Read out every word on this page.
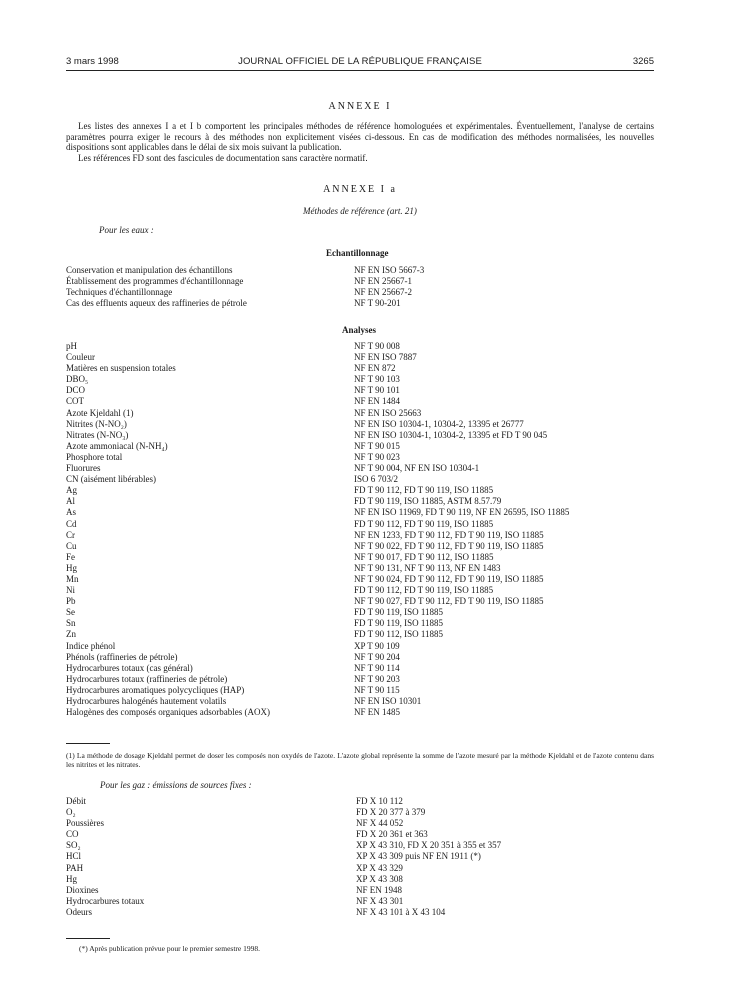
3 mars 1998	JOURNAL OFFICIEL DE LA RÉPUBLIQUE FRANÇAISE	3265
ANNEXE I

Les listes des annexes I a et I b comportent les principales méthodes de référence homologuées et expérimentales. Éventuellement, l'analyse de certains paramètres pourra exiger le recours à des méthodes non explicitement visées ci-dessous. En cas de modification des méthodes normalisées, les nouvelles dispositions sont applicables dans le délai de six mois suivant la publication.

Les références FD sont des fascicules de documentation sans caractère normatif.

ANNEXE I a
Méthodes de référence (art. 21)
Pour les eaux :
Echantillonnage
Conservation et manipulation des échantillons	NF EN ISO 5667-3
Établissement des programmes d'échantillonnage	NF EN 25667-1
Techniques d'échantillonnage	NF EN 25667-2
Cas des effluents aqueux des raffineries de pétrole	NF T 90-201
Analyses
pH	NF T 90 008
Couleur	NF EN ISO 7887
Matières en suspension totales	NF EN 872
DBO₅	NF T 90 103
DCO	NF T 90 101
COT	NF EN 1484
Azote Kjeldahl (1)	NF EN ISO 25663
Nitrites (N-NO₂)	NF EN ISO 10304-1, 10304-2, 13395 et 26777
Nitrates (N-NO₃)	NF EN ISO 10304-1, 10304-2, 13395 et FD T 90 045
Azote ammoniacal (N-NH₄)	NF T 90 015
Phosphore total	NF T 90 023
Fluorures	NF T 90 004, NF EN ISO 10304-1
CN (aisément libérables)	ISO 6 703/2
Ag	FD T 90 112, FD T 90 119, ISO 11885
Al	FD T 90 119, ISO 11885, ASTM 8.57.79
As	NF EN ISO 11969, FD T 90 119, NF EN 26595, ISO 11885
Cd	FD T 90 112, FD T 90 119, ISO 11885
Cr	NF EN 1233, FD T 90 112, FD T 90 119, ISO 11885
Cu	NF T 90 022, FD T 90 112, FD T 90 119, ISO 11885
Fe	NF T 90 017, FD T 90 112, ISO 11885
Hg	NF T 90 131, NF T 90 113, NF EN 1483
Mn	NF T 90 024, FD T 90 112, FD T 90 119, ISO 11885
Ni	FD T 90 112, FD T 90 119, ISO 11885
Pb	NF T 90 027, FD T 90 112, FD T 90 119, ISO 11885
Se	FD T 90 119, ISO 11885
Sn	FD T 90 119, ISO 11885
Zn	FD T 90 112, ISO 11885
Indice phénol	XP T 90 109
Phénols (raffineries de pétrole)	NF T 90 204
Hydrocarbures totaux (cas général)	NF T 90 114
Hydrocarbures totaux (raffineries de pétrole)	NF T 90 203
Hydrocarbures aromatiques polycycliques (HAP)	NF T 90 115
Hydrocarbures halogénés hautement volatils	NF EN ISO 10301
Halogènes des composés organiques adsorbables (AOX)	NF EN 1485
(1) La méthode de dosage Kjeldahl permet de doser les composés non oxydés de l'azote. L'azote global représente la somme de l'azote mesuré par la méthode Kjeldahl et de l'azote contenu dans les nitrites et les nitrates.
Pour les gaz : émissions de sources fixes :
Débit	FD X 10 112
O₂	FD X 20 377 à 379
Poussières	NF X 44 052
CO	FD X 20 361 et 363
SO₂	XP X 43 310, FD X 20 351 à 355 et 357
HCl	XP X 43 309 puis NF EN 1911 (*)
PAH	XP X 43 329
Hg	XP X 43 308
Dioxines	NF EN 1948
Hydrocarbures totaux	NF X 43 301
Odeurs	NF X 43 101 à X 43 104
(*) Après publication prévue pour le premier semestre 1998.
